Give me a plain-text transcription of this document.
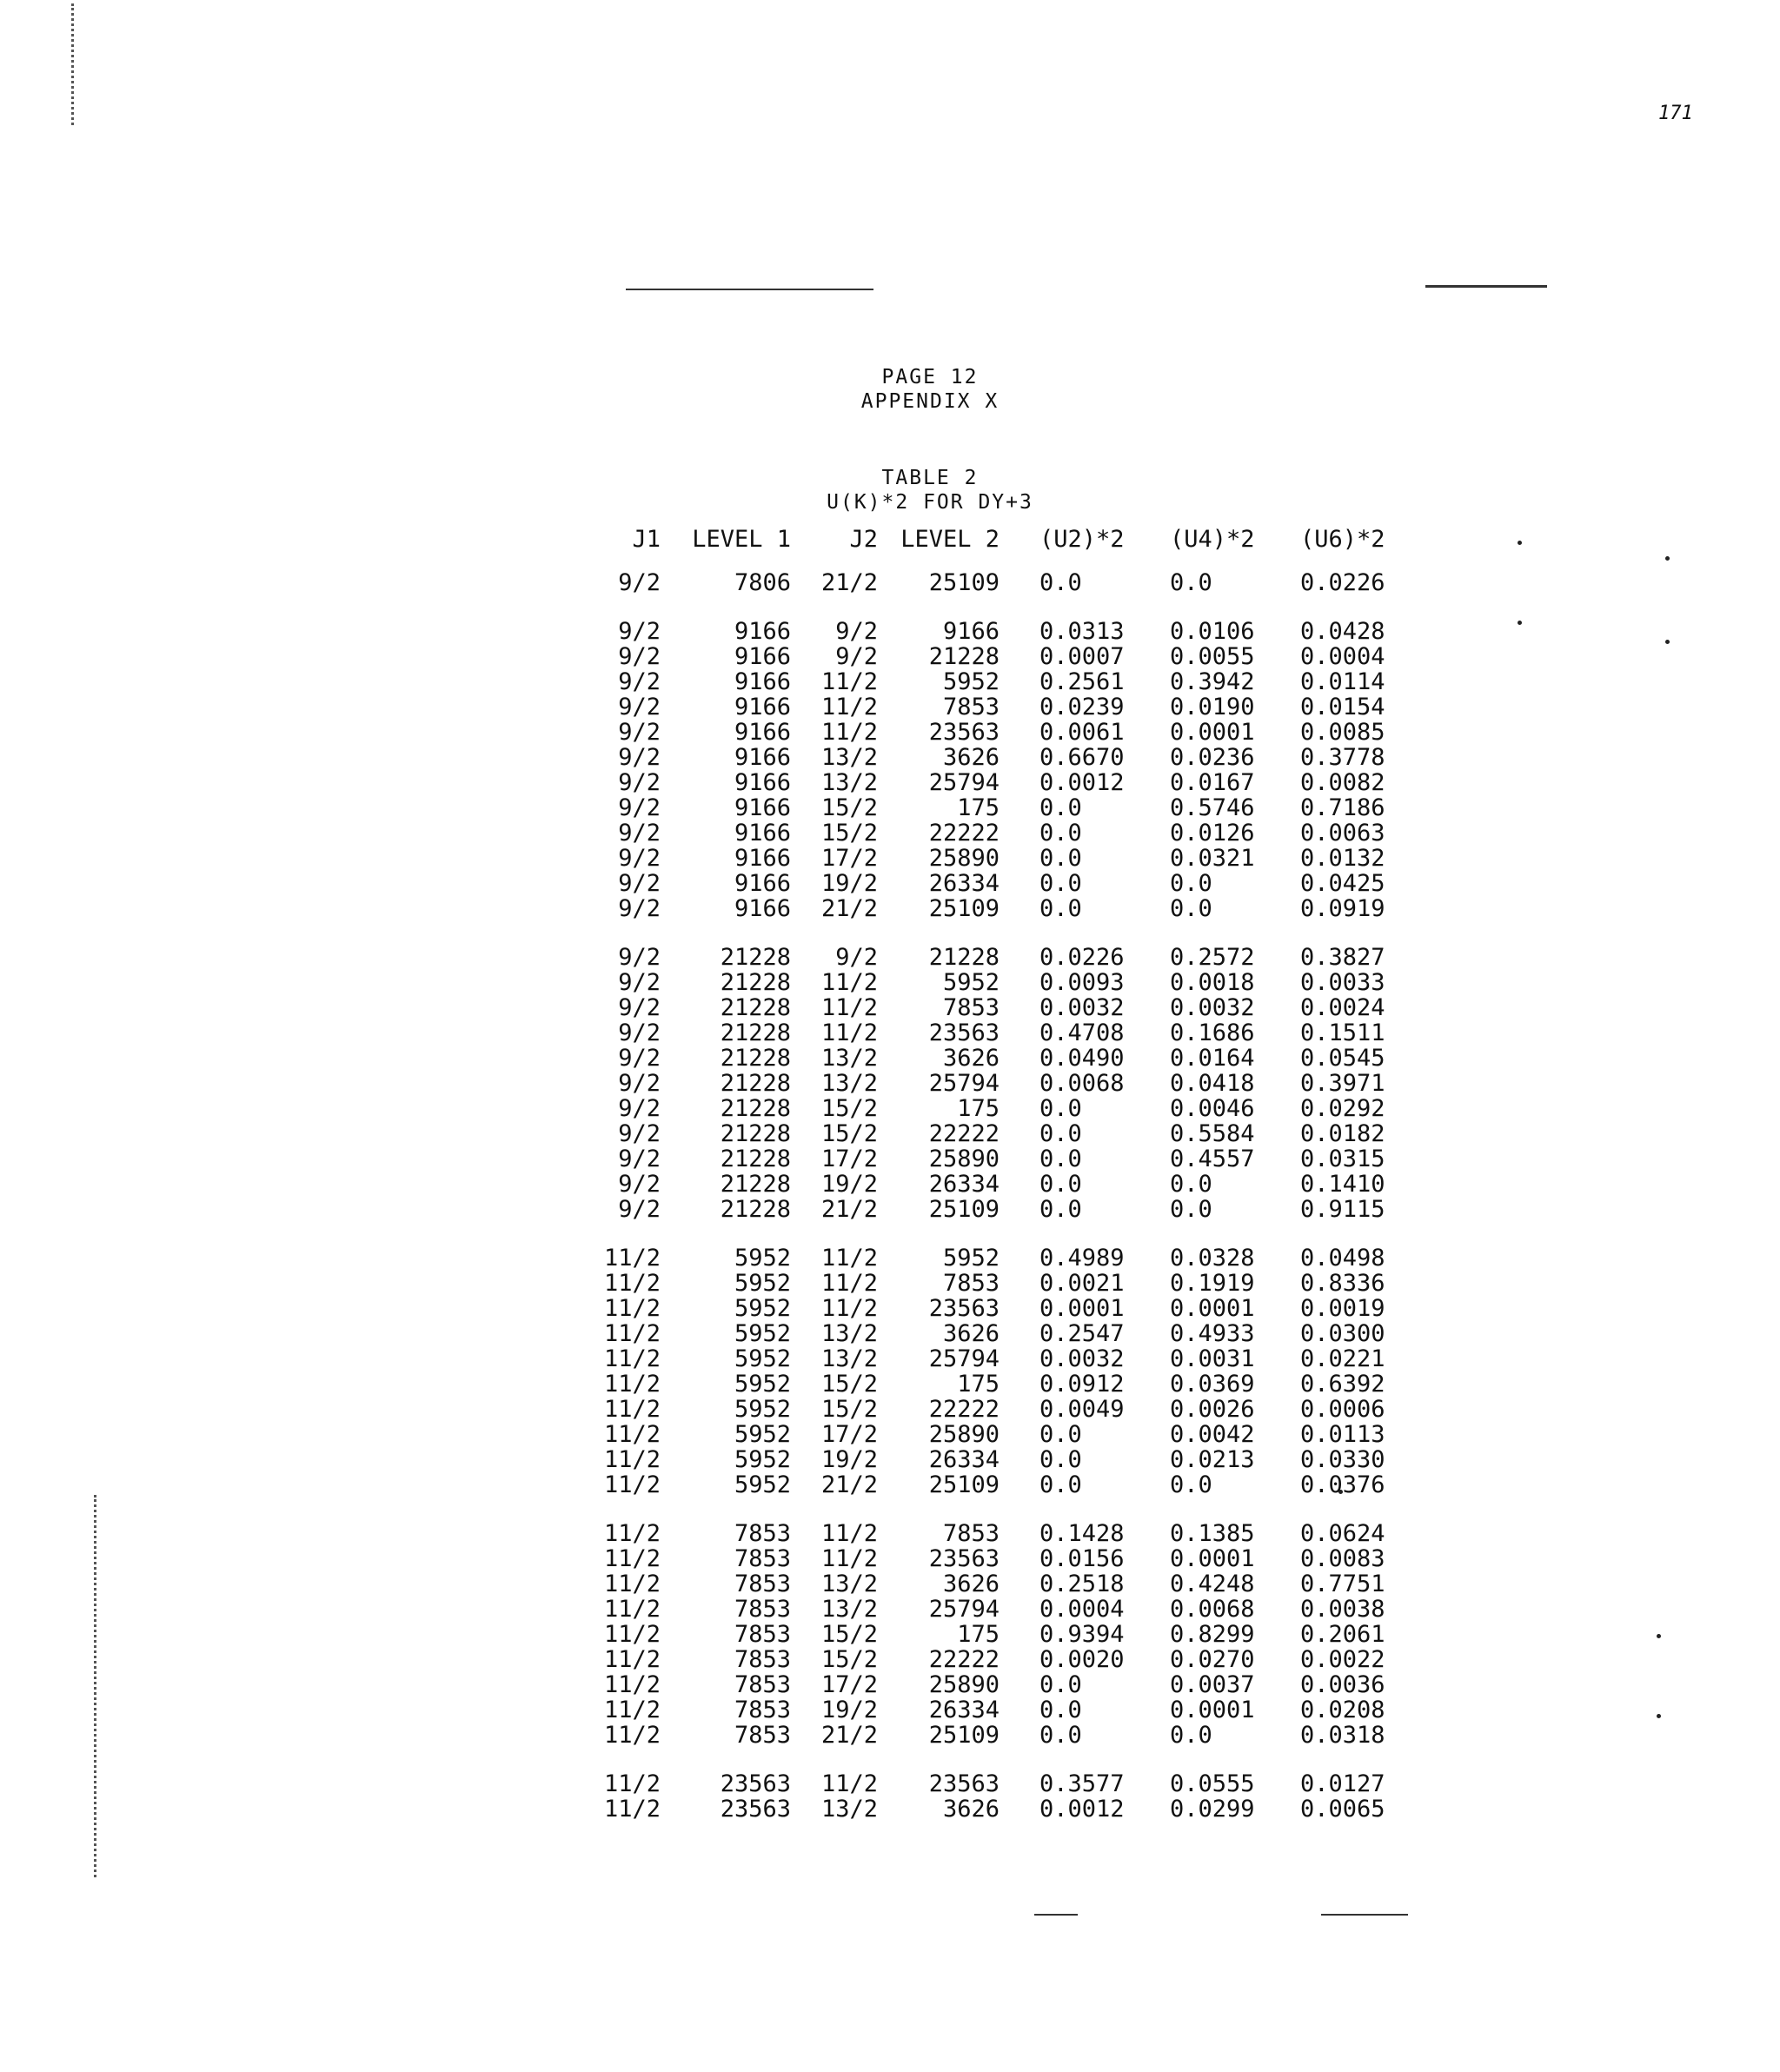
171
PAGE 12
APPENDIX X
TABLE 2
U(K)*2 FOR DY+3
J1	LEVEL 1	J2	LEVEL 2	(U2)*2	(U4)*2	(U6)*2
9/2	7806	21/2	25109	0.0	0.0	0.0226
9/2	9166	9/2	9166	0.0313	0.0106	0.0428
9/2	9166	9/2	21228	0.0007	0.0055	0.0004
9/2	9166	11/2	5952	0.2561	0.3942	0.0114
9/2	9166	11/2	7853	0.0239	0.0190	0.0154
9/2	9166	11/2	23563	0.0061	0.0001	0.0085
9/2	9166	13/2	3626	0.6670	0.0236	0.3778
9/2	9166	13/2	25794	0.0012	0.0167	0.0082
9/2	9166	15/2	175	0.0	0.5746	0.7186
9/2	9166	15/2	22222	0.0	0.0126	0.0063
9/2	9166	17/2	25890	0.0	0.0321	0.0132
9/2	9166	19/2	26334	0.0	0.0	0.0425
9/2	9166	21/2	25109	0.0	0.0	0.0919
9/2	21228	9/2	21228	0.0226	0.2572	0.3827
9/2	21228	11/2	5952	0.0093	0.0018	0.0033
9/2	21228	11/2	7853	0.0032	0.0032	0.0024
9/2	21228	11/2	23563	0.4708	0.1686	0.1511
9/2	21228	13/2	3626	0.0490	0.0164	0.0545
9/2	21228	13/2	25794	0.0068	0.0418	0.3971
9/2	21228	15/2	175	0.0	0.0046	0.0292
9/2	21228	15/2	22222	0.0	0.5584	0.0182
9/2	21228	17/2	25890	0.0	0.4557	0.0315
9/2	21228	19/2	26334	0.0	0.0	0.1410
9/2	21228	21/2	25109	0.0	0.0	0.9115
11/2	5952	11/2	5952	0.4989	0.0328	0.0498
11/2	5952	11/2	7853	0.0021	0.1919	0.8336
11/2	5952	11/2	23563	0.0001	0.0001	0.0019
11/2	5952	13/2	3626	0.2547	0.4933	0.0300
11/2	5952	13/2	25794	0.0032	0.0031	0.0221
11/2	5952	15/2	175	0.0912	0.0369	0.6392
11/2	5952	15/2	22222	0.0049	0.0026	0.0006
11/2	5952	17/2	25890	0.0	0.0042	0.0113
11/2	5952	19/2	26334	0.0	0.0213	0.0330
11/2	5952	21/2	25109	0.0	0.0	0.0376
11/2	7853	11/2	7853	0.1428	0.1385	0.0624
11/2	7853	11/2	23563	0.0156	0.0001	0.0083
11/2	7853	13/2	3626	0.2518	0.4248	0.7751
11/2	7853	13/2	25794	0.0004	0.0068	0.0038
11/2	7853	15/2	175	0.9394	0.8299	0.2061
11/2	7853	15/2	22222	0.0020	0.0270	0.0022
11/2	7853	17/2	25890	0.0	0.0037	0.0036
11/2	7853	19/2	26334	0.0	0.0001	0.0208
11/2	7853	21/2	25109	0.0	0.0	0.0318
11/2	23563	11/2	23563	0.3577	0.0555	0.0127
11/2	23563	13/2	3626	0.0012	0.0299	0.0065
